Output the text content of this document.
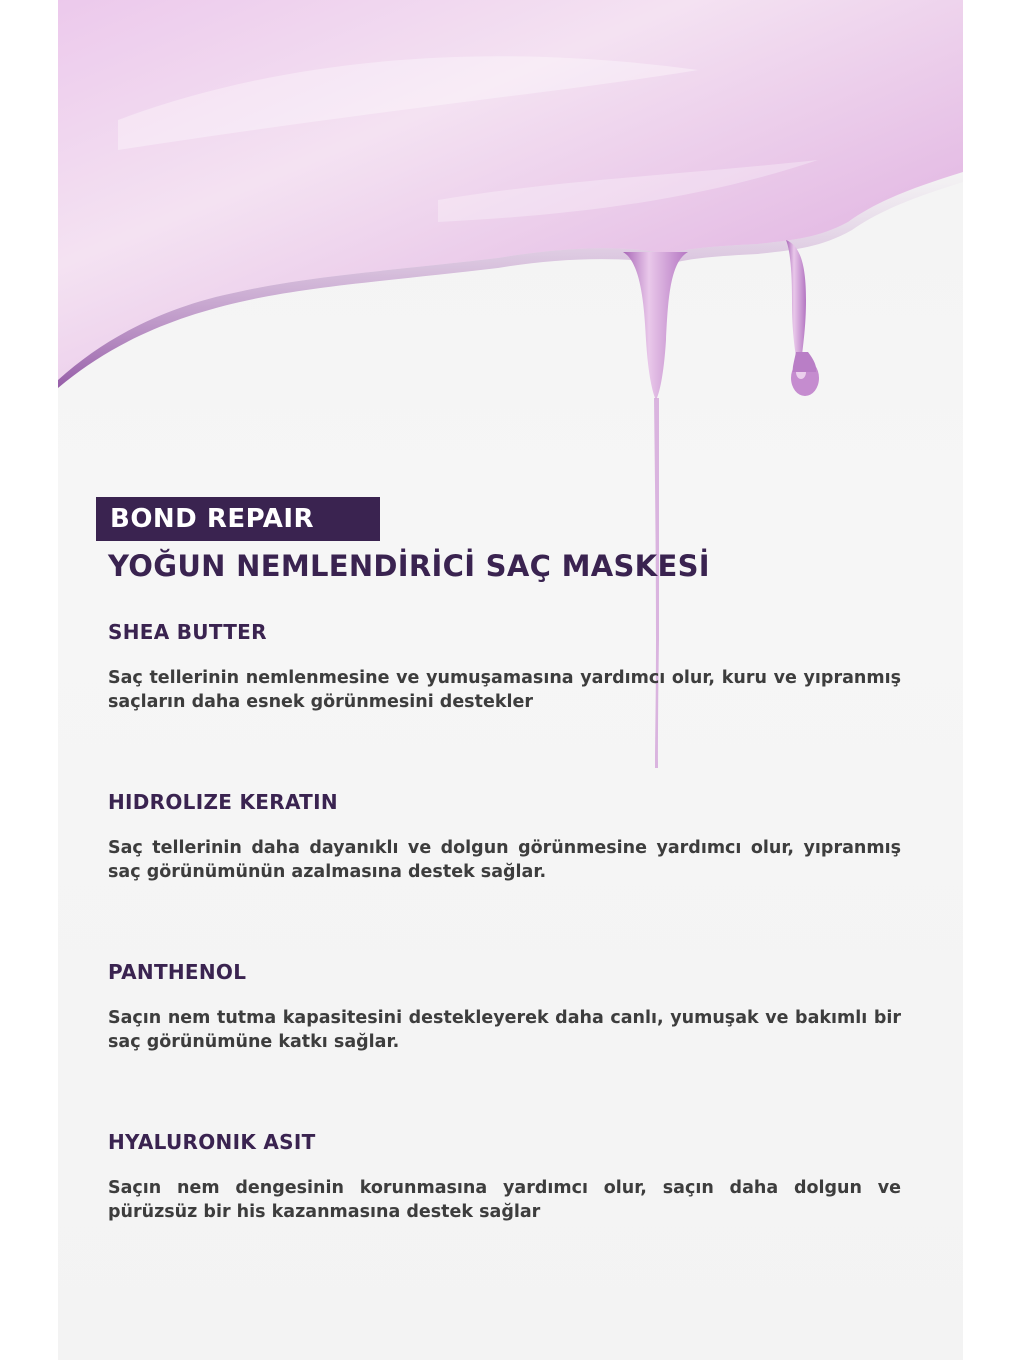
BOND REPAIR
YOĞUN NEMLENDİRİCİ SAÇ MASKESİ
SHEA BUTTER

Saç tellerinin nemlenmesine ve yumuşamasına yardımcı olur, kuru ve yıpranmış saçların daha esnek görünmesini destekler

HIDROLIZE KERATIN

Saç tellerinin daha dayanıklı ve dolgun görünmesine yardımcı olur, yıpranmış saç görünümünün azalmasına destek sağlar.

PANTHENOL

Saçın nem tutma kapasitesini destekleyerek daha canlı, yumuşak ve bakımlı bir saç görünümüne katkı sağlar.

HYALURONIK ASIT

Saçın nem dengesinin korunmasına yardımcı olur, saçın daha dolgun ve pürüzsüz bir his kazanmasına destek sağlar
